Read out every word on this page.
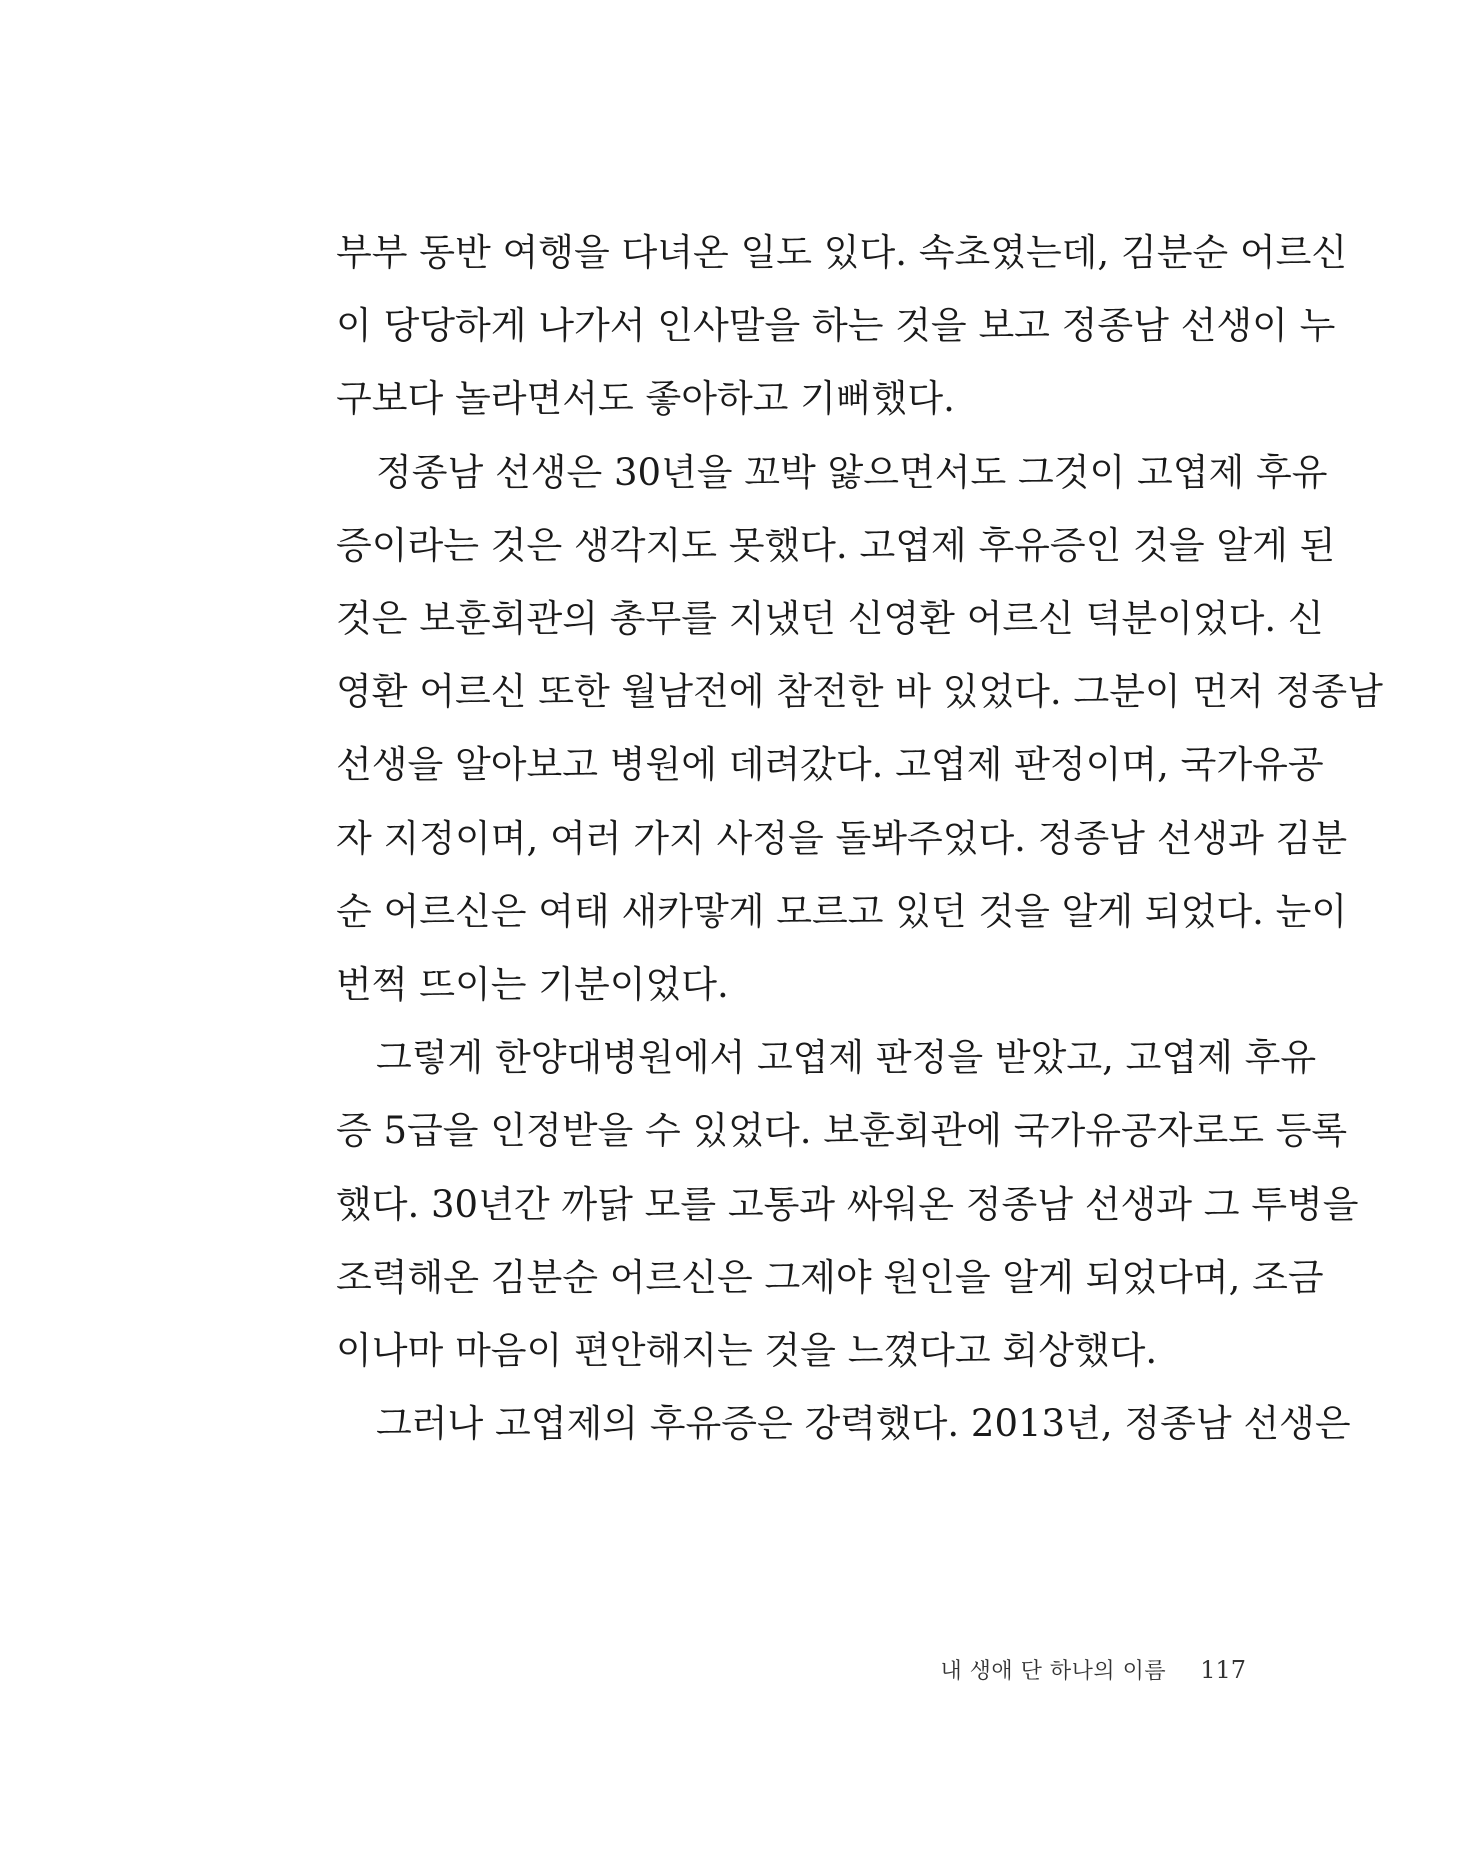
부부 동반 여행을 다녀온 일도 있다. 속초였는데, 김분순 어르신
이 당당하게 나가서 인사말을 하는 것을 보고 정종남 선생이 누
구보다 놀라면서도 좋아하고 기뻐했다.

정종남 선생은 30년을 꼬박 앓으면서도 그것이 고엽제 후유
증이라는 것은 생각지도 못했다. 고엽제 후유증인 것을 알게 된
것은 보훈회관의 총무를 지냈던 신영환 어르신 덕분이었다. 신
영환 어르신 또한 월남전에 참전한 바 있었다. 그분이 먼저 정종남
선생을 알아보고 병원에 데려갔다. 고엽제 판정이며, 국가유공
자 지정이며, 여러 가지 사정을 돌봐주었다. 정종남 선생과 김분
순 어르신은 여태 새카맣게 모르고 있던 것을 알게 되었다. 눈이
번쩍 뜨이는 기분이었다.

그렇게 한양대병원에서 고엽제 판정을 받았고, 고엽제 후유
증 5급을 인정받을 수 있었다. 보훈회관에 국가유공자로도 등록
했다. 30년간 까닭 모를 고통과 싸워온 정종남 선생과 그 투병을
조력해온 김분순 어르신은 그제야 원인을 알게 되었다며, 조금
이나마 마음이 편안해지는 것을 느꼈다고 회상했다.

그러나 고엽제의 후유증은 강력했다. 2013년, 정종남 선생은

내 생애 단 하나의 이름 117
